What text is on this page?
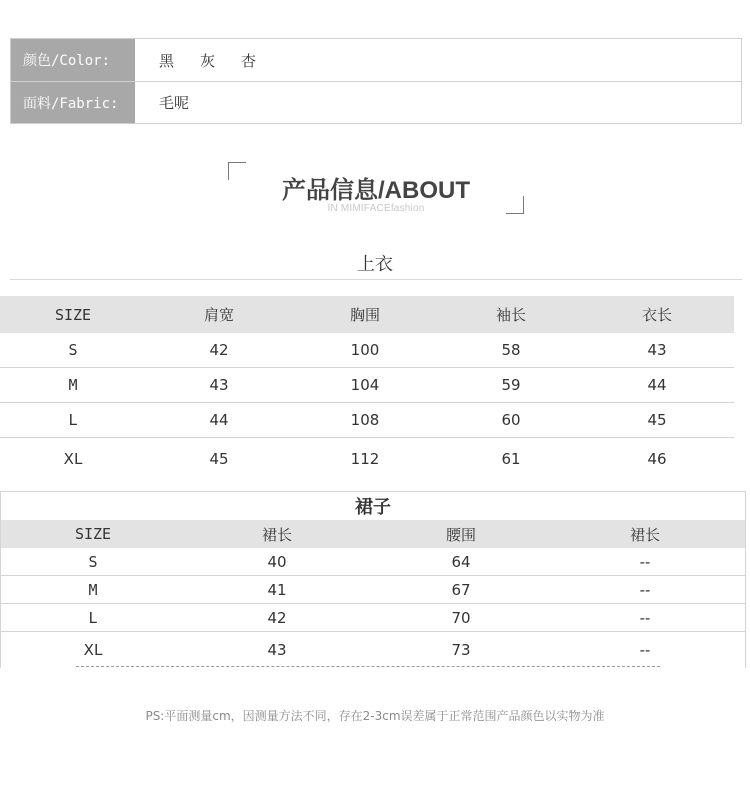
颜色/Color:	黑 灰 杏
面料/Fabric:	毛呢
产品信息/ABOUT
IN MIMIFACEfashion
上衣
SIZE	肩宽	胸围	袖长	衣长
S	42	100	58	43
M	43	104	59	44
L	44	108	60	45
XL	45	112	61	46
裙子
SIZE	裙长	腰围	裙长
S	40	64	--
M	41	67	--
L	42	70	--
XL	43	73	--
PS:平面测量cm，因测量方法不同，存在2-3cm误差属于正常范围产品颜色以实物为准
